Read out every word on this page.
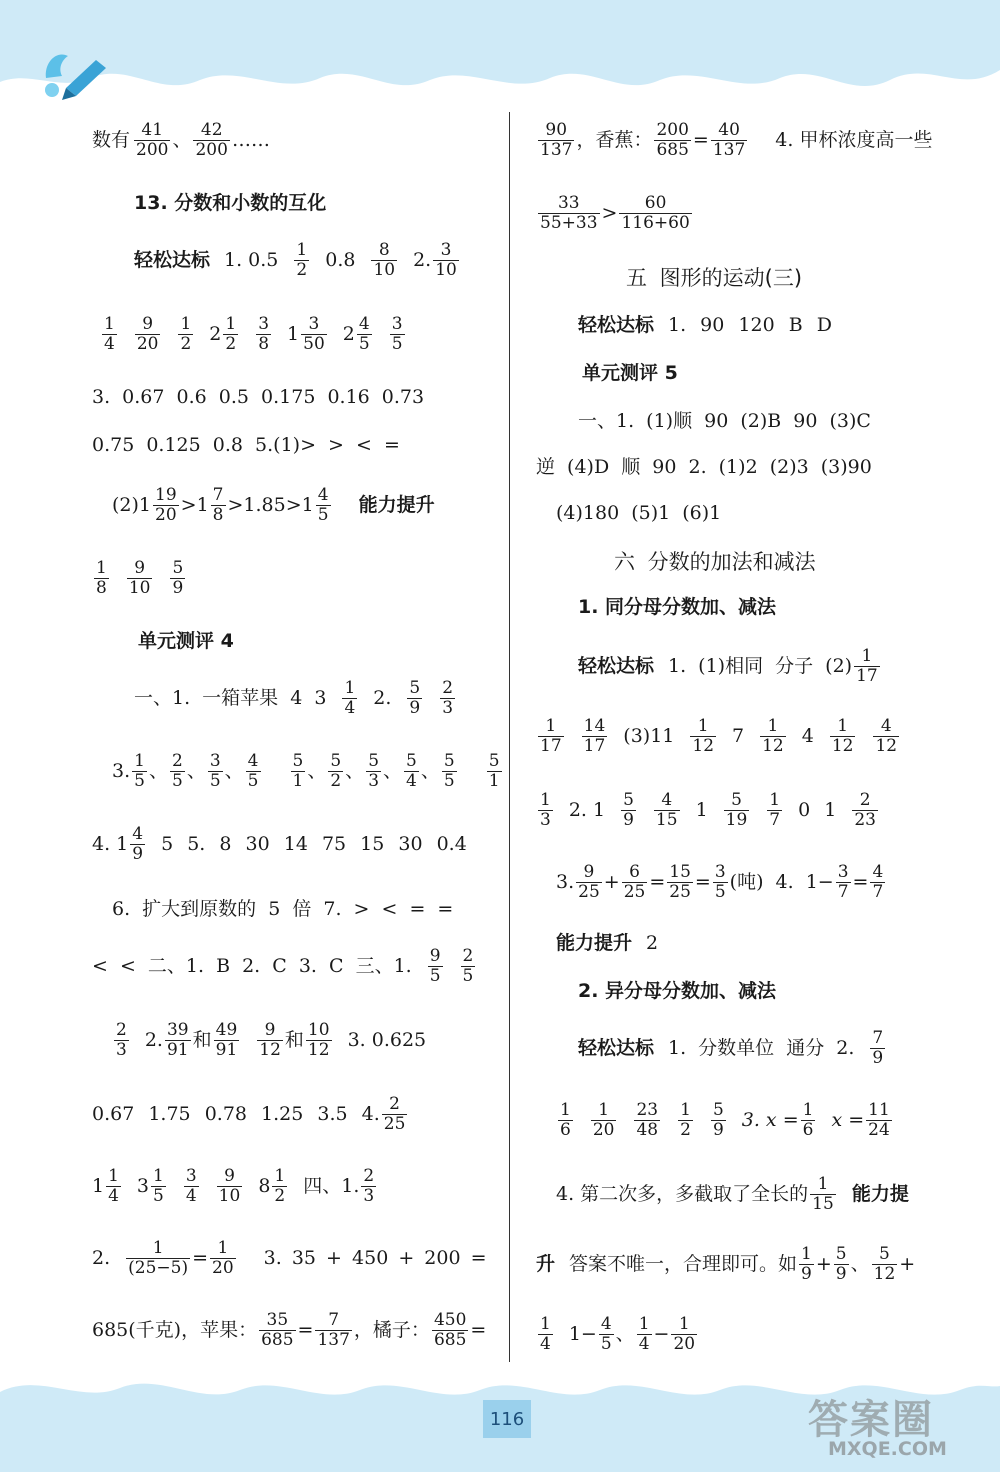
数有 $\frac{41}{200}$ 、 $\frac{42}{200}$ ……
13. 分数和小数的互化
轻松达标 1. $0.5 \frac{1}{2} 0.8 \frac{8}{10} 2$. $\frac{3}{10}$
$\frac{1}{4} \frac{9}{20} \frac{1}{2} 2 \frac{1}{2} \frac{3}{8} 1 \frac{3}{50} 2 \frac{4}{5} \frac{3}{5}$
3. 0.67 0.6 0.5 0.175 0.16 0.73
0.75 0.125 0.8 5.(1)> > < =
$(2)1 \frac{19}{20} >1 \frac{7}{8} >1.85>1 \frac{4}{5}$ 能力提升
$\frac{1}{8} \frac{9}{10} \frac{5}{9}$
单元测评 4
一、1. 一箱苹果 4 $3 \frac{1}{4} 2$. $\frac{5}{9} \frac{2}{3}$
3. $\frac{1}{5}$ 、 $\frac{2}{5}$ 、 $\frac{3}{5}$ 、 $\frac{4}{5} \frac{5}{1}$ 、 $\frac{5}{2}$ 、 $\frac{5}{3}$ 、 $\frac{5}{4}$ 、 $\frac{5}{5} \frac{5}{1}$
4. $1 \frac{4}{9} 5$ 5. 8 30 14 75 15 30 0.4
6. 扩大到原数的 5 倍 7. > < = =
< < 二、1. B 2. C 3. C 三、1. $\frac{9}{5} \frac{2}{5}$
$\frac{2}{3} 2$. $\frac{39}{91}$ 和 $\frac{49}{91} \frac{9}{12}$ 和 $\frac{10}{12} 3$. 0.625
0.67 1.75 0.78 1.25 3.5 4. $\frac{2}{25}$
$1 \frac{1}{4} 3 \frac{1}{5} \frac{3}{4} \frac{9}{10} 8 \frac{1}{2}$ 四、1. $\frac{2}{3}$
2. $\frac{1}{(25-5)} = \frac{1}{20} 3$. 35 + 450 + 200 =
685(千克)，苹果： $\frac{35}{685} = \frac{7}{137}$ ，橘子： $\frac{450}{685}$ =
$\frac{90}{137}$ ，香蕉： $\frac{200}{685} = \frac{40}{137} 4$. 甲杯浓度高一些
$\frac{33}{55+33} > \frac{60}{116+60}$
五 图形的运动(三)
轻松达标 1. 90 120 B D
单元测评 5
一、1. (1)顺 90 (2)B 90 (3)C
逆 (4)D 顺 90 2. (1)2 (2)3 (3)90
(4)180 (5)1 (6)1
六 分数的加法和减法
1. 同分母分数加、减法
轻松达标 1. (1)相同 分子 $(2) \frac{1}{17}$
$\frac{1}{17} \frac{14}{17} (3)11 \frac{1}{12} 7 \frac{1}{12} 4 \frac{1}{12} \frac{4}{12}$
$\frac{1}{3} 2$. $1 \frac{5}{9} \frac{4}{15} 1 \frac{5}{19} \frac{1}{7} 0$ $1 \frac{2}{23}$
3. $\frac{9}{25} + \frac{6}{25} = \frac{15}{25} = \frac{3}{5}$ (吨) 4. $1- \frac{3}{7} = \frac{4}{7}$
能力提升 2
2. 异分母分数加、减法
轻松达标 1. 分数单位 通分 2. $\frac{7}{9}$
$\frac{1}{6} \frac{1}{20} \frac{23}{48} \frac{1}{2} \frac{5}{9} 3$. $x = \frac{1}{6}$ $x = \frac{11}{24}$
4. 第二次多，多截取了全长的 $\frac{1}{15}$ 能力提
升 答案不唯一，合理即可。如 $\frac{1}{9} + \frac{5}{9}$ 、 $\frac{5}{12}$ +
$\frac{1}{4} 1- \frac{4}{5}$ 、 $\frac{1}{4} - \frac{1}{20}$
116	答案圈
MXQE.COM
